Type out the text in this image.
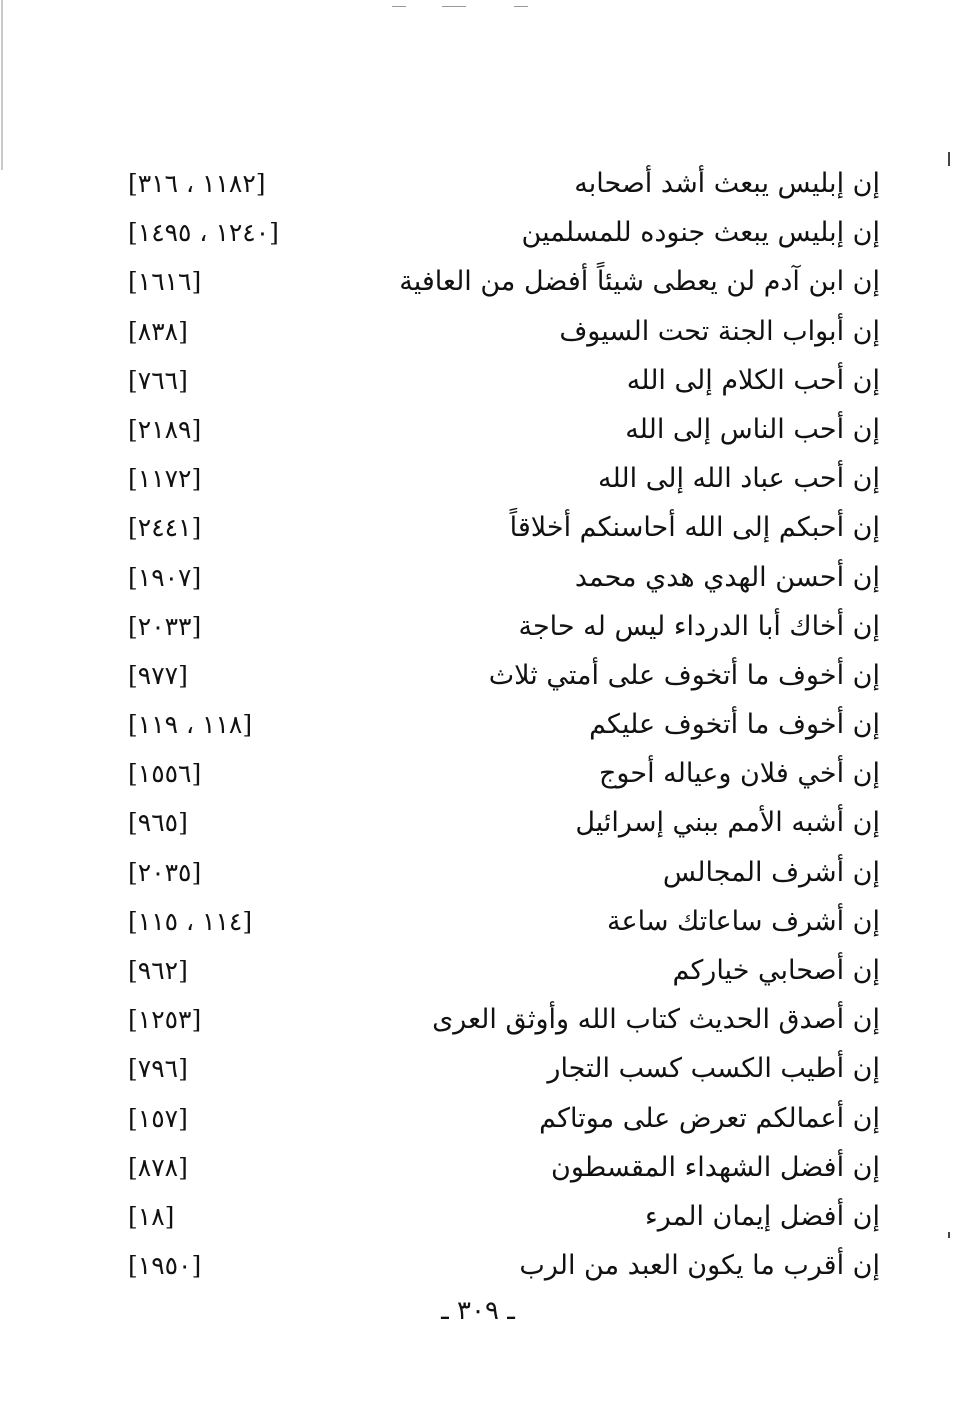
إن إبليس يبعث أشد أصحابه
[١١٨٢ ، ٣١٦]
إن إبليس يبعث جنوده للمسلمين
[١٢٤٠ ، ١٤٩٥]
إن ابن آدم لن يعطى شيئاً أفضل من العافية
[١٦١٦]
إن أبواب الجنة تحت السيوف
[٨٣٨]
إن أحب الكلام إلى الله
[٧٦٦]
إن أحب الناس إلى الله
[٢١٨٩]
إن أحب عباد الله إلى الله
[١١٧٢]
إن أحبكم إلى الله أحاسنكم أخلاقاً
[٢٤٤١]
إن أحسن الهدي هدي محمد
[١٩٠٧]
إن أخاك أبا الدرداء ليس له حاجة
[٢٠٣٣]
إن أخوف ما أتخوف على أمتي ثلاث
[٩٧٧]
إن أخوف ما أتخوف عليكم
[١١٨ ، ١١٩]
إن أخي فلان وعياله أحوج
[١٥٥٦]
إن أشبه الأمم ببني إسرائيل
[٩٦٥]
إن أشرف المجالس
[٢٠٣٥]
إن أشرف ساعاتك ساعة
[١١٤ ، ١١٥]
إن أصحابي خياركم
[٩٦٢]
إن أصدق الحديث كتاب الله وأوثق العرى
[١٢٥٣]
إن أطيب الكسب كسب التجار
[٧٩٦]
إن أعمالكم تعرض على موتاكم
[١٥٧]
إن أفضل الشهداء المقسطون
[٨٧٨]
إن أفضل إيمان المرء
[١٨]
إن أقرب ما يكون العبد من الرب
[١٩٥٠]
ـ ٣٠٩ ـ
